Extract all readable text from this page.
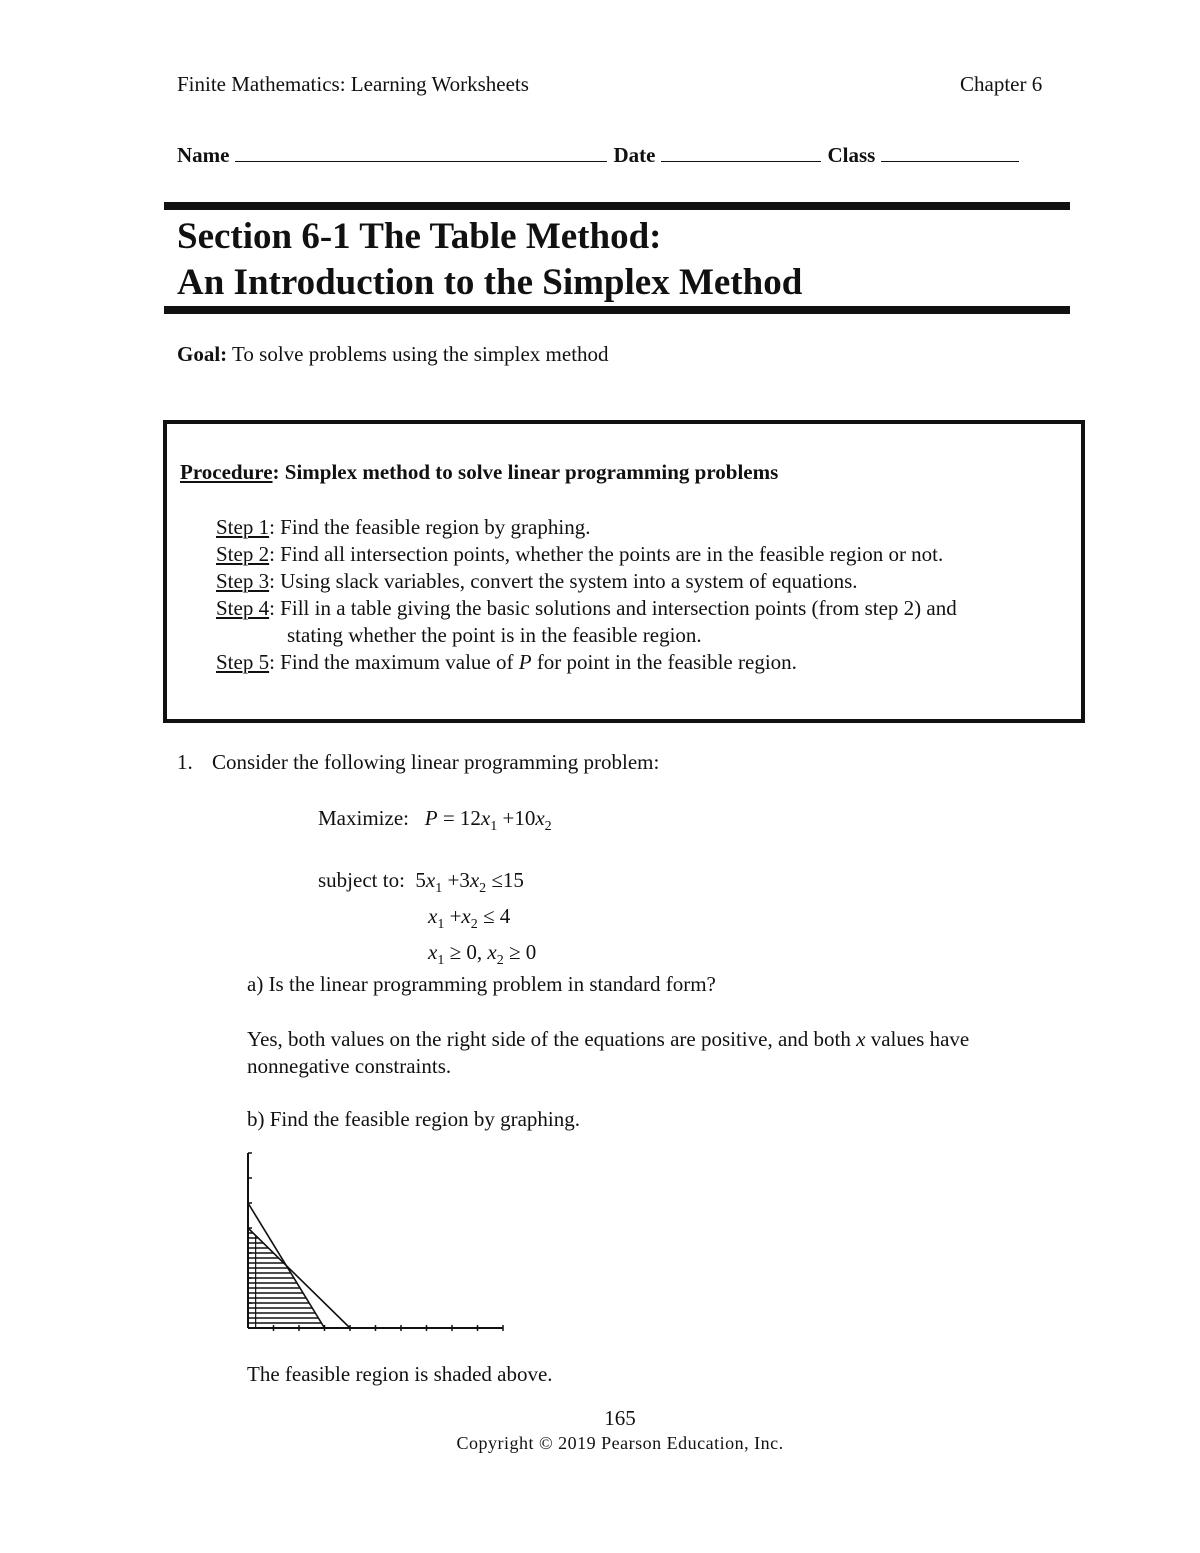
Finite Mathematics: Learning Worksheets	Chapter 6
Name	Date	Class
Section 6-1 The Table Method:
An Introduction to the Simplex Method
Goal: To solve problems using the simplex method
Procedure: Simplex method to solve linear programming problems
Step 1: Find the feasible region by graphing.
Step 2: Find all intersection points, whether the points are in the feasible region or not.
Step 3: Using slack variables, convert the system into a system of equations.
Step 4: Fill in a table giving the basic solutions and intersection points (from step 2) and
stating whether the point is in the feasible region.
Step 5: Find the maximum value of P for point in the feasible region.
1. Consider the following linear programming problem:
Maximize: $P = 12x_1 +10x_2$
subject to:  $5x_1 +3x_2 \le 15$
$x_1 +x_2 \le 4$
$x_1 \ge 0$, $x_2 \ge 0$
a) Is the linear programming problem in standard form?
Yes, both values on the right side of the equations are positive, and both x values have
nonnegative constraints.
b) Find the feasible region by graphing.
The feasible region is shaded above.
165
Copyright © 2019 Pearson Education, Inc.
